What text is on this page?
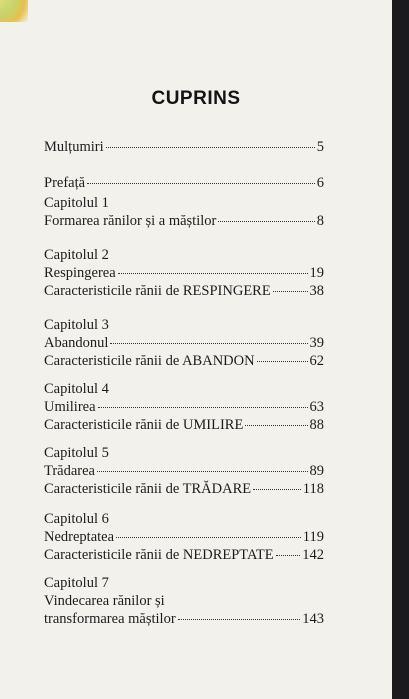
CUPRINS
Mulțumiri	5
Prefață	6
Capitolul 1
Formarea rănilor și a măștilor	8
Capitolul 2
Respingerea	19
Caracteristicile rănii de RESPINGERE	38
Capitolul 3
Abandonul	39
Caracteristicile rănii de ABANDON	62
Capitolul 4
Umilirea	63
Caracteristicile rănii de UMILIRE	88
Capitolul 5
Trădarea	89
Caracteristicile rănii de TRĂDARE	118
Capitolul 6
Nedreptatea	119
Caracteristicile rănii de NEDREPTATE 142
Capitolul 7
Vindecarea rănilor și
transformarea măștilor	143
